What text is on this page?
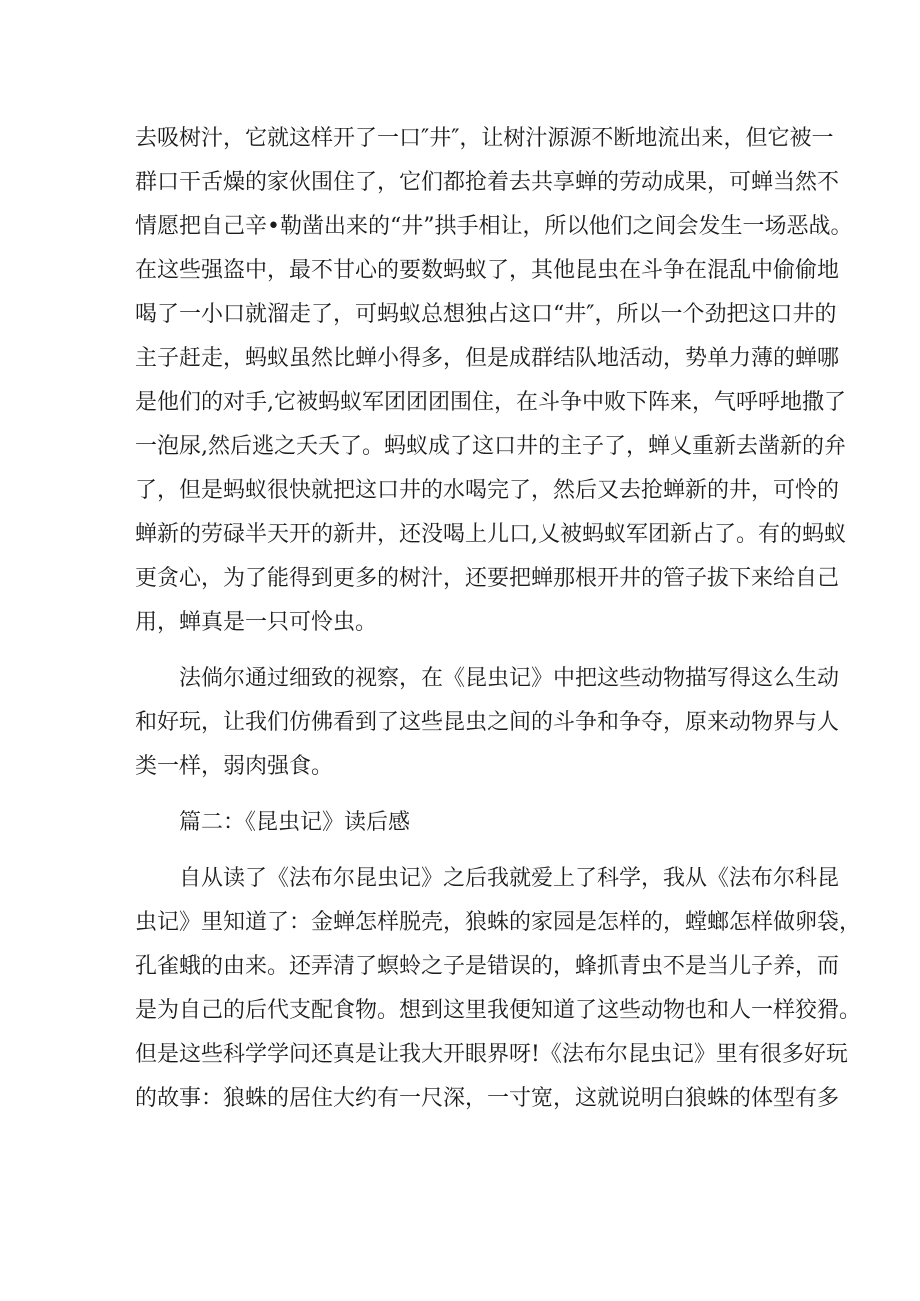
去吸树汁，它就这样开了一口″井″，让树汁源源不断地流出来，但它被一
群口干舌燥的家伙围住了，它们都抢着去共享蝉的劳动成果，可蝉当然不
情愿把自己辛•勒凿出来的“井”拱手相让，所以他们之间会发生一场恶战。
在这些强盗中，最不甘心的要数蚂蚁了，其他昆虫在斗争在混乱中偷偷地
喝了一小口就溜走了，可蚂蚁总想独占这口“井″，所以一个劲把这口井的
主子赶走，蚂蚁虽然比蝉小得多，但是成群结队地活动，势单力薄的蝉哪
是他们的对手,它被蚂蚁军团团团围住，在斗争中败下阵来，气呼呼地撒了
一泡尿,然后逃之夭夭了。蚂蚁成了这口井的主子了，蝉乂重新去凿新的弁
了，但是蚂蚁很快就把这口井的水喝完了，然后又去抢蝉新的井，可怜的
蝉新的劳碌半天开的新井，还没喝上儿口,乂被蚂蚁军团新占了。有的蚂蚁
更贪心，为了能得到更多的树汁，还要把蝉那根开井的管子拔下来给自己
用，蝉真是一只可怜虫。
法倘尔通过细致的视察，在《昆虫记》中把这些动物描写得这么生动
和好玩，让我们仿佛看到了这些昆虫之间的斗争和争夺，原来动物界与人
类一样，弱肉强食。
篇二：《昆虫记》读后感
自从读了《法布尔昆虫记》之后我就爱上了科学，我从《法布尔科昆
虫记》里知道了：金蝉怎样脱壳，狼蛛的家园是怎样的，螳螂怎样做卵袋，
孔雀蛾的由来。还弄清了螟蛉之子是错误的，蜂抓青虫不是当儿子养，而
是为自己的后代支配食物。想到这里我便知道了这些动物也和人一样狡猾。
但是这些科学学问还真是让我大开眼界呀!《法布尔昆虫记》里有很多好玩
的故事：狼蛛的居住大约有一尺深，一寸宽，这就说明白狼蛛的体型有多
